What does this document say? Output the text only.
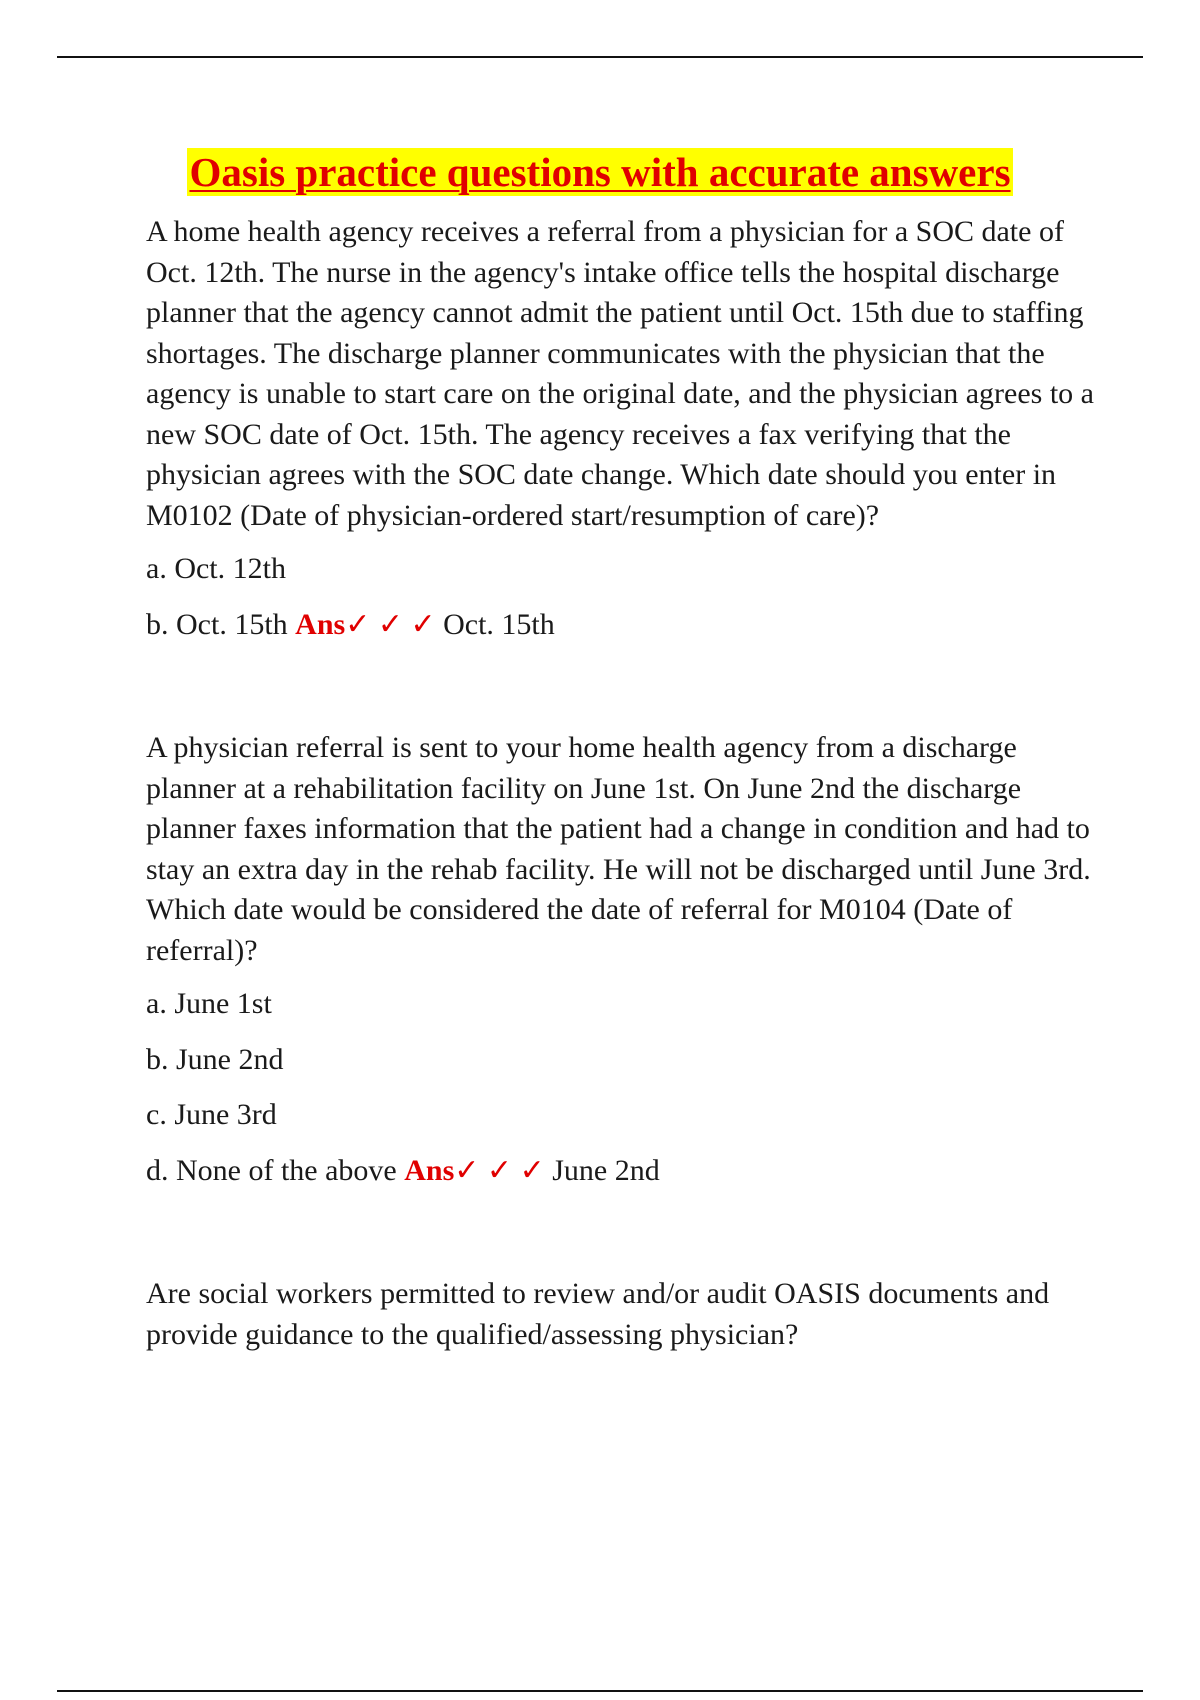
Oasis practice questions with accurate answers

A home health agency receives a referral from a physician for a SOC date of Oct. 12th. The nurse in the agency's intake office tells the hospital discharge planner that the agency cannot admit the patient until Oct. 15th due to staffing shortages. The discharge planner communicates with the physician that the agency is unable to start care on the original date, and the physician agrees to a new SOC date of Oct. 15th. The agency receives a fax verifying that the physician agrees with the SOC date change. Which date should you enter in M0102 (Date of physician-ordered start/resumption of care)?

a. Oct. 12th

b. Oct. 15th Ans✓ ✓ ✓ Oct. 15th

A physician referral is sent to your home health agency from a discharge planner at a rehabilitation facility on June 1st. On June 2nd the discharge planner faxes information that the patient had a change in condition and had to stay an extra day in the rehab facility. He will not be discharged until June 3rd. Which date would be considered the date of referral for M0104 (Date of referral)?

a. June 1st

b. June 2nd

c. June 3rd

d. None of the above Ans✓ ✓ ✓ June 2nd

Are social workers permitted to review and/or audit OASIS documents and provide guidance to the qualified/assessing physician?
